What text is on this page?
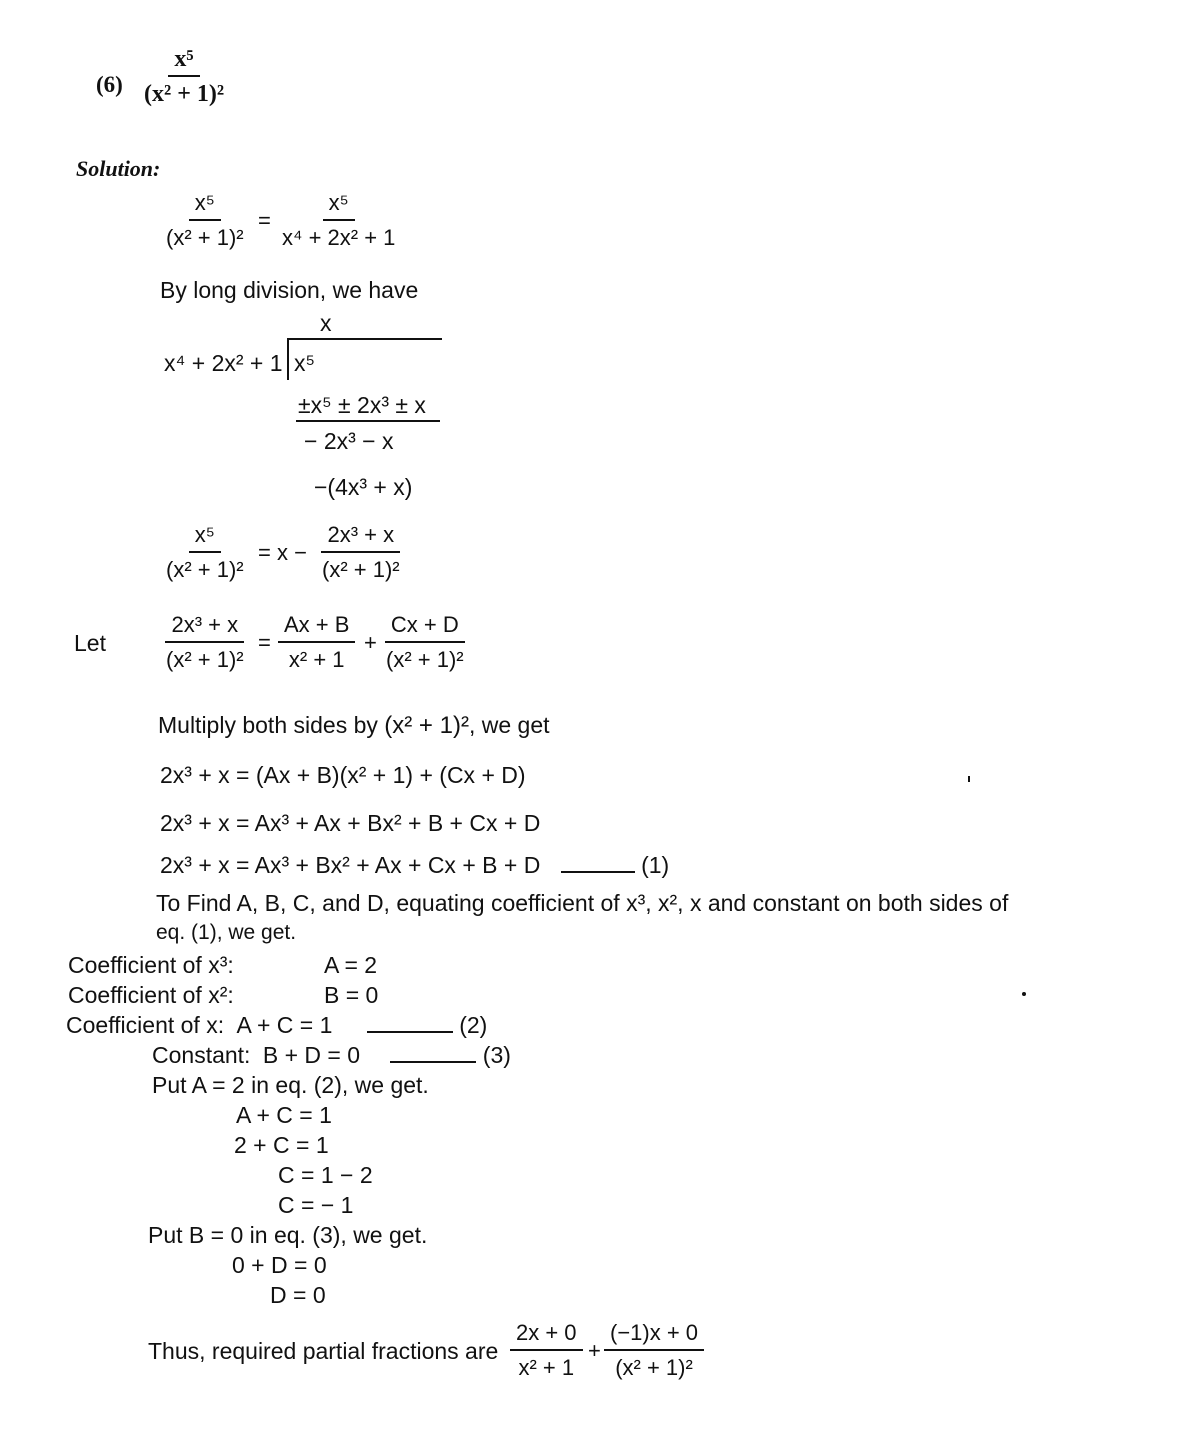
$(6) \frac{\text{x⁵}}{\text{(x² + 1)²}}$
Solution:
$\frac{\text{x⁵}}{\text{(x² + 1)²}} = \frac{\text{x⁵}}{\text{x⁴ + 2x² + 1}}$
By long division, we have
x
x⁴ + 2x² + 1 x⁵
±x⁵ ± 2x³ ± x
− 2x³ − x
−(4x³ + x)
$\frac{\text{x⁵}}{\text{(x² + 1)²}} = x - \frac{\text{2x³ + x}}{\text{(x² + 1)²}}$
Let $\frac{\text{2x³ + x}}{\text{(x² + 1)²}} = \frac{Ax + B}{\text{x² + 1}} + \frac{Cx + D}{\text{(x² + 1)²}}$
Multiply both sides by (x² + 1)², we get
2x³ + x = (Ax + B)(x² + 1) + (Cx + D)
2x³ + x = Ax³ + Ax + Bx² + B + Cx + D
2x³ + x = Ax³ + Bx² + Ax + Cx + B + D	(1)
To Find A, B, C, and D, equating coefficient of x³, x², x and constant on both sides of
eq. (1), we get.
Coefficient of x³:	A = 2
Coefficient of x²:	B = 0
Coefficient of x: A + C = 1	(2)
Constant: B + D = 0	(3)
Put A = 2 in eq. (2), we get.
A + C = 1
2 + C = 1
C = 1 − 2
C = − 1
Put B = 0 in eq. (3), we get.
0 + D = 0
D = 0
Thus, required partial fractions are $\frac{2x + 0}{\text{x² + 1}} + \frac{(-1)x + 0}{\text{(x² + 1)²}}$
